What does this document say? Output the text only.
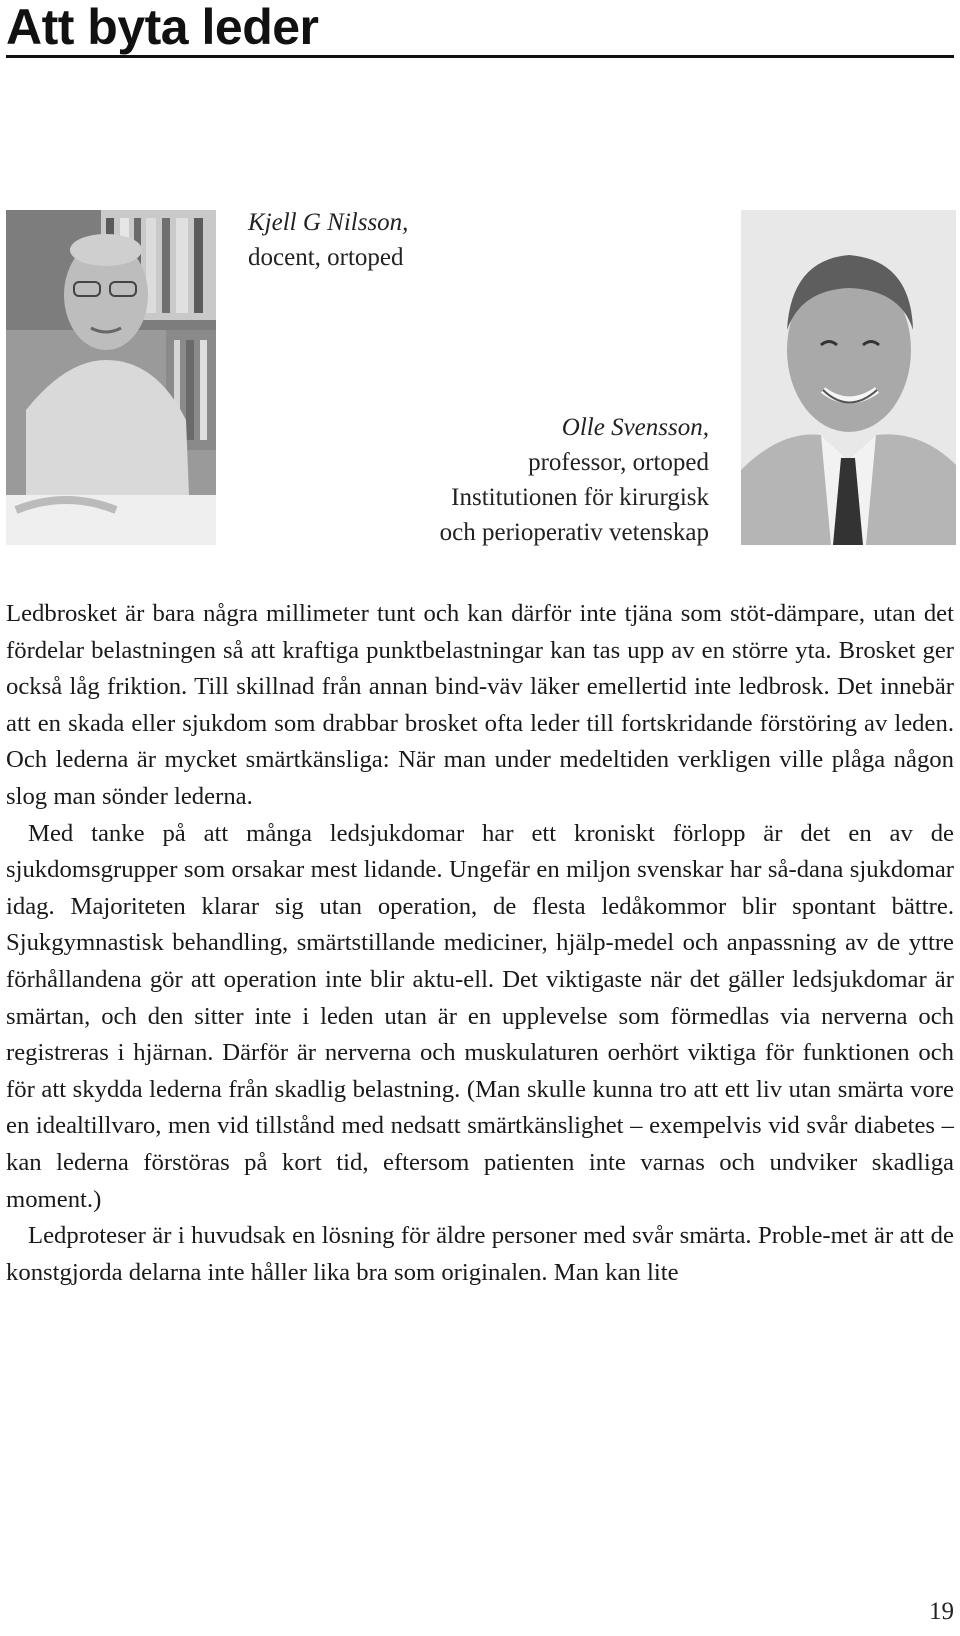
Att byta leder
Kjell G Nilsson,
docent, ortoped
Olle Svensson,
professor, ortoped
Institutionen för kirurgisk
och perioperativ vetenskap

Ledbrosket är bara några millimeter tunt och kan därför inte tjäna som stöt-dämpare, utan det fördelar belastningen så att kraftiga punktbelastningar kan tas upp av en större yta. Brosket ger också låg friktion. Till skillnad från annan bind-väv läker emellertid inte ledbrosk. Det innebär att en skada eller sjukdom som drabbar brosket ofta leder till fortskridande förstöring av leden. Och lederna är mycket smärtkänsliga: När man under medeltiden verkligen ville plåga någon slog man sönder lederna.

Med tanke på att många ledsjukdomar har ett kroniskt förlopp är det en av de sjukdomsgrupper som orsakar mest lidande. Ungefär en miljon svenskar har så-dana sjukdomar idag. Majoriteten klarar sig utan operation, de flesta ledåkommor blir spontant bättre. Sjukgymnastisk behandling, smärtstillande mediciner, hjälp-medel och anpassning av de yttre förhållandena gör att operation inte blir aktu-ell. Det viktigaste när det gäller ledsjukdomar är smärtan, och den sitter inte i leden utan är en upplevelse som förmedlas via nerverna och registreras i hjärnan. Därför är nerverna och muskulaturen oerhört viktiga för funktionen och för att skydda lederna från skadlig belastning. (Man skulle kunna tro att ett liv utan smärta vore en idealtillvaro, men vid tillstånd med nedsatt smärtkänslighet – exempelvis vid svår diabetes – kan lederna förstöras på kort tid, eftersom patienten inte varnas och undviker skadliga moment.)

Ledproteser är i huvudsak en lösning för äldre personer med svår smärta. Proble-met är att de konstgjorda delarna inte håller lika bra som originalen. Man kan lite

19
